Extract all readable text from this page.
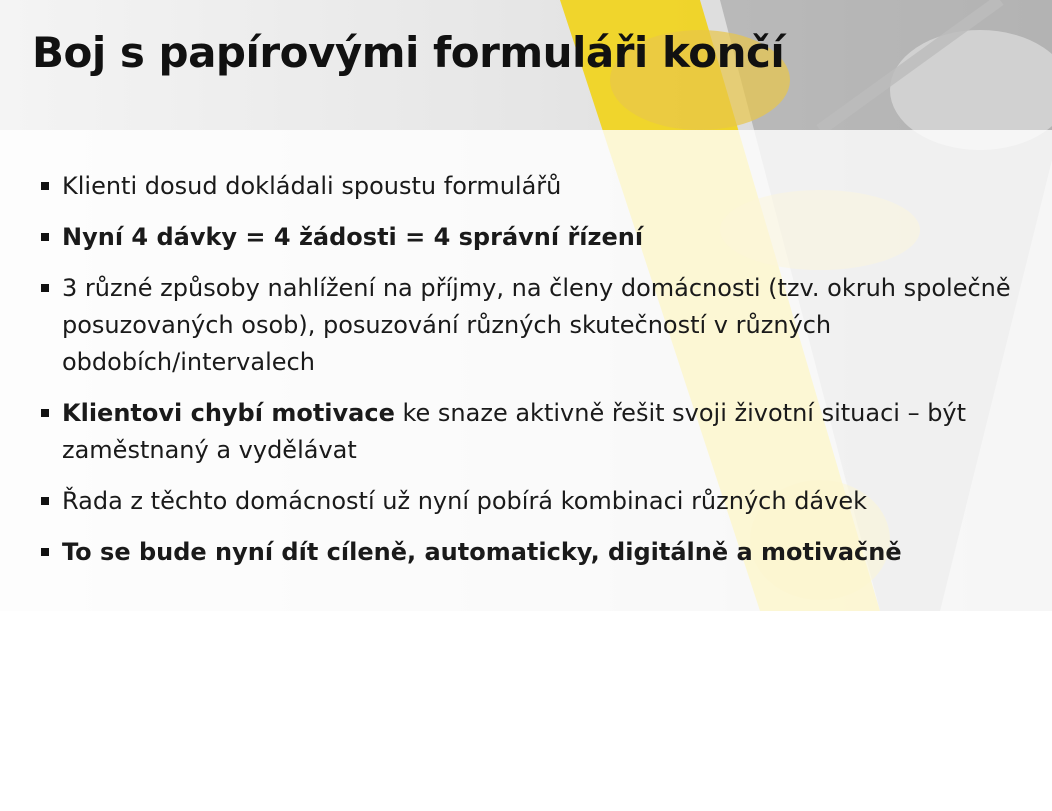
Boj s papírovými formuláři končí
Klienti dosud dokládali spoustu formulářů
Nyní 4 dávky = 4 žádosti = 4 správní řízení
3 různé způsoby nahlížení na příjmy, na členy domácnosti (tzv. okruh společně posuzovaných osob), posuzování různých skutečností v různých obdobích/intervalech
Klientovi chybí motivace ke snaze aktivně řešit svoji životní situaci – být zaměstnaný a vydělávat
Řada z těchto domácností už nyní pobírá kombinaci různých dávek
To se bude nyní dít cíleně, automaticky, digitálně a motivačně
